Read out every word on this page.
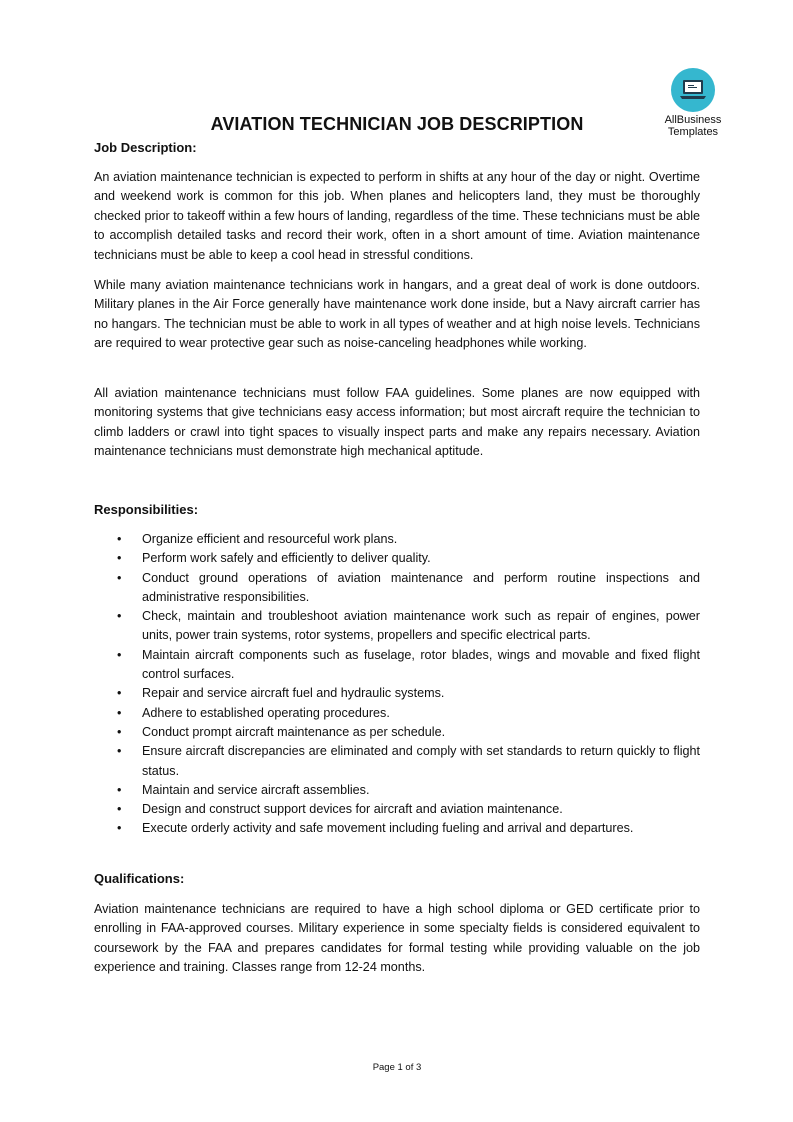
AllBusiness
Templates
AVIATION TECHNICIAN JOB DESCRIPTION
Job Description:

An aviation maintenance technician is expected to perform in shifts at any hour of the day or night. Overtime and weekend work is common for this job. When planes and helicopters land, they must be thoroughly checked prior to takeoff within a few hours of landing, regardless of the time. These technicians must be able to accomplish detailed tasks and record their work, often in a short amount of time. Aviation maintenance technicians must be able to keep a cool head in stressful conditions.

While many aviation maintenance technicians work in hangars, and a great deal of work is done outdoors. Military planes in the Air Force generally have maintenance work done inside, but a Navy aircraft carrier has no hangars. The technician must be able to work in all types of weather and at high noise levels. Technicians are required to wear protective gear such as noise-canceling headphones while working.

All aviation maintenance technicians must follow FAA guidelines. Some planes are now equipped with monitoring systems that give technicians easy access information; but most aircraft require the technician to climb ladders or crawl into tight spaces to visually inspect parts and make any repairs necessary. Aviation maintenance technicians must demonstrate high mechanical aptitude.

Responsibilities:
• Organize efficient and resourceful work plans.
• Perform work safely and efficiently to deliver quality.
• Conduct ground operations of aviation maintenance and perform routine inspections and administrative responsibilities.
• Check, maintain and troubleshoot aviation maintenance work such as repair of engines, power units, power train systems, rotor systems, propellers and specific electrical parts.
• Maintain aircraft components such as fuselage, rotor blades, wings and movable and fixed flight control surfaces.
• Repair and service aircraft fuel and hydraulic systems.
• Adhere to established operating procedures.
• Conduct prompt aircraft maintenance as per schedule.
• Ensure aircraft discrepancies are eliminated and comply with set standards to return quickly to flight status.
• Maintain and service aircraft assemblies.
• Design and construct support devices for aircraft and aviation maintenance.
• Execute orderly activity and safe movement including fueling and arrival and departures.
Qualifications:

Aviation maintenance technicians are required to have a high school diploma or GED certificate prior to enrolling in FAA-approved courses. Military experience in some specialty fields is considered equivalent to coursework by the FAA and prepares candidates for formal testing while providing valuable on the job experience and training. Classes range from 12-24 months.

Page 1 of 3
